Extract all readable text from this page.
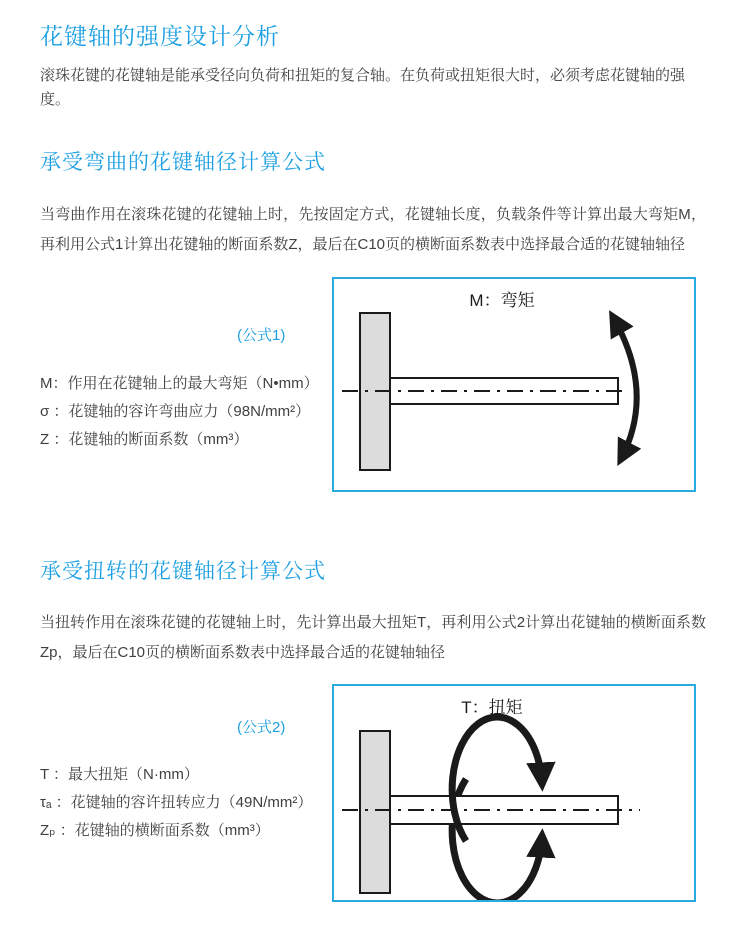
花键轴的强度设计分析

滚珠花键的花键轴是能承受径向负荷和扭矩的复合轴。在负荷或扭矩很大时，必须考虑花键轴的强度。

承受弯曲的花键轴径计算公式

当弯曲作用在滚珠花键的花键轴上时，先按固定方式，花键轴长度，负载条件等计算出最大弯矩M，再利用公式1计算出花键轴的断面系数Z，最后在C10页的横断面系数表中选择最合适的花键轴轴径

(公式1)
M：作用在花键轴上的最大弯矩（N•mm）
σ ：花键轴的容许弯曲应力（98N/mm²）
Z ：花键轴的断面系数（mm³）
M：弯矩
承受扭转的花键轴径计算公式

当扭转作用在滚珠花键的花键轴上时，先计算出最大扭矩T，再利用公式2计算出花键轴的横断面系数Zp，最后在C10页的横断面系数表中选择最合适的花键轴轴径

(公式2)
T ：最大扭矩（N·mm）
τₐ ：花键轴的容许扭转应力（49N/mm²）
Zₚ ：花键轴的横断面系数（mm³）
T：扭矩
